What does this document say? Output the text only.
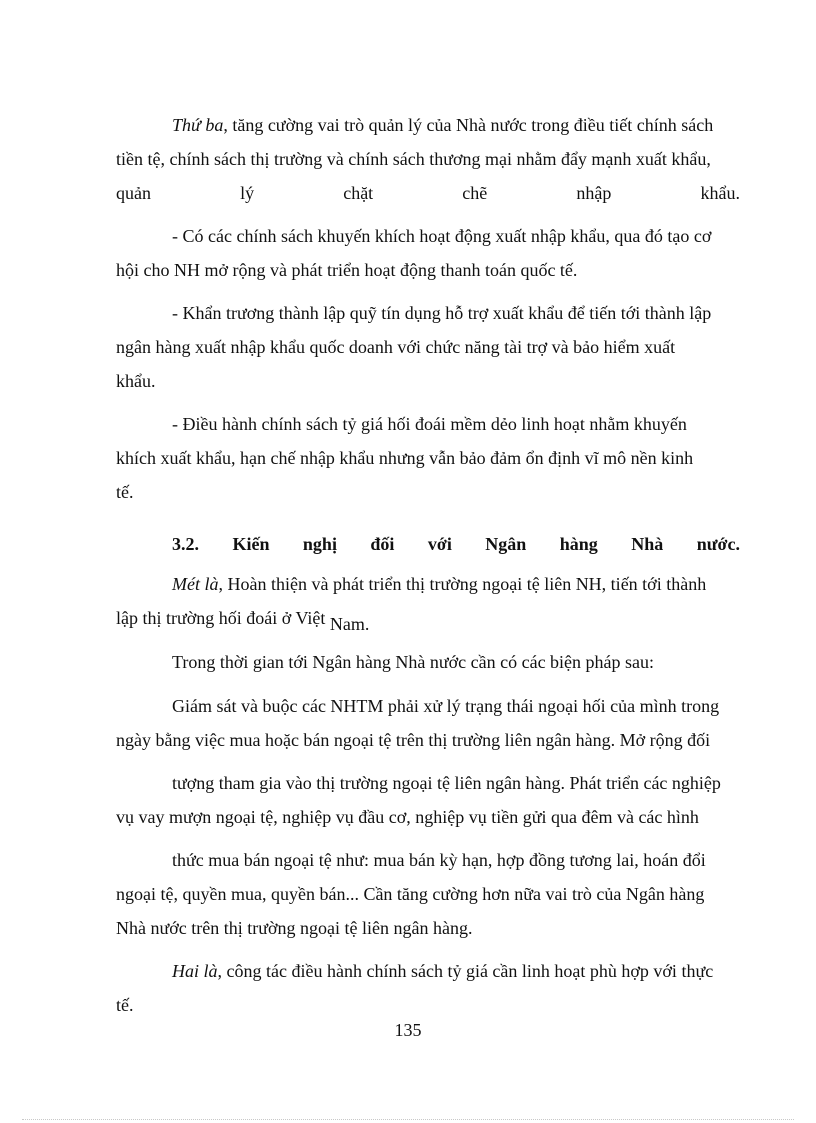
Thứ ba, tăng cường vai trò quản lý của Nhà nước trong điều tiết chính sách
tiền tệ, chính sách thị trường và chính sách thương mại nhằm đẩy mạnh xuất khẩu,
quản	lý	chặt	chẽ	nhập	khẩu.
- Có các chính sách khuyến khích hoạt động xuất nhập khẩu, qua đó tạo cơ
hội cho NH mở rộng và phát triển hoạt động thanh toán quốc tế.
- Khẩn trương thành lập quỹ tín dụng hỗ trợ xuất khẩu để tiến tới thành lập
ngân hàng xuất nhập khẩu quốc doanh với chức năng tài trợ và bảo hiểm xuất
khẩu.
- Điều hành chính sách tỷ giá hối đoái mềm dẻo linh hoạt nhằm khuyến
khích xuất khẩu, hạn chế nhập khẩu nhưng vẫn bảo đảm ổn định vĩ mô nền kinh
tế.
3.2. Kiến nghị đối với Ngân hàng Nhà nước.
Mét là, Hoàn thiện và phát triển thị trường ngoại tệ liên NH, tiến tới thành
lập thị trường hối đoái ở Việt Nam.
Trong thời gian tới Ngân hàng Nhà nước cần có các biện pháp sau:
Giám sát và buộc các NHTM phải xử lý trạng thái ngoại hối của mình trong
ngày bằng việc mua hoặc bán ngoại tệ trên thị trường liên ngân hàng. Mở rộng đối
tượng tham gia vào thị trường ngoại tệ liên ngân hàng. Phát triển các nghiệp
vụ vay mượn ngoại tệ, nghiệp vụ đầu cơ, nghiệp vụ tiền gửi qua đêm và các hình
thức mua bán ngoại tệ như: mua bán kỳ hạn, hợp đồng tương lai, hoán đổi
ngoại tệ, quyền mua, quyền bán... Cần tăng cường hơn nữa vai trò của Ngân hàng
Nhà nước trên thị trường ngoại tệ liên ngân hàng.
Hai là, công tác điều hành chính sách tỷ giá cần linh hoạt phù hợp với thực
tế.
135
